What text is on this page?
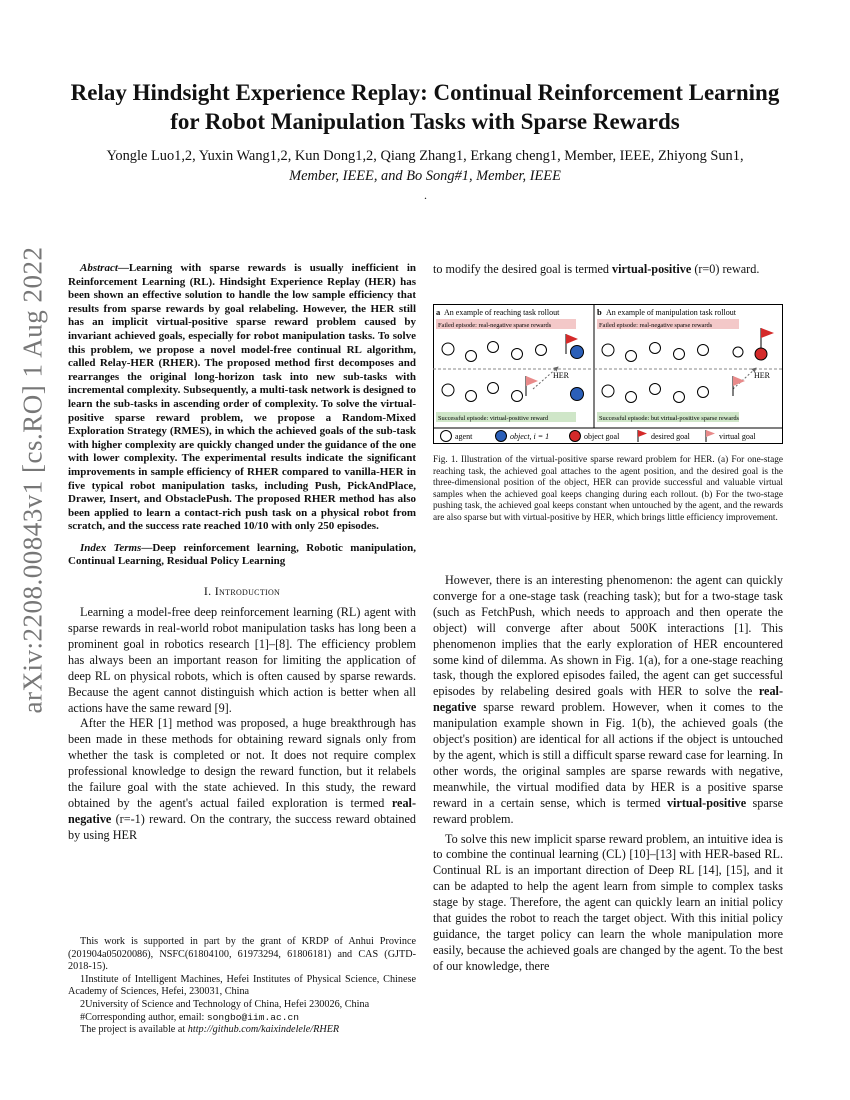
Relay Hindsight Experience Replay: Continual Reinforcement Learning for Robot Manipulation Tasks with Sparse Rewards
Yongle Luo1,2, Yuxin Wang1,2, Kun Dong1,2, Qiang Zhang1, Erkang cheng1, Member, IEEE, Zhiyong Sun1,
Member, IEEE, and Bo Song#1, Member, IEEE
.
arXiv:2208.00843v1 [cs.RO] 1 Aug 2022	Abstract—Learning with sparse rewards is usually inefficient in Reinforcement Learning (RL). Hindsight Experience Replay (HER) has been shown an effective solution to handle the low sample efficiency that results from sparse rewards by goal relabeling. However, the HER still has an implicit virtual-positive sparse reward problem caused by invariant achieved goals, especially for robot manipulation tasks. To solve this problem, we propose a novel model-free continual RL algorithm, called Relay-HER (RHER). The proposed method first decomposes and rearranges the original long-horizon task into new sub-tasks with incremental complexity. Subsequently, a multi-task network is designed to learn the sub-tasks in ascending order of complexity. To solve the virtual-positive sparse reward problem, we propose a Random-Mixed Exploration Strategy (RMES), in which the achieved goals of the sub-task with higher complexity are quickly changed under the guidance of the one with lower complexity. The experimental results indicate the significant improvements in sample efficiency of RHER compared to vanilla-HER in five typical robot manipulation tasks, including Push, PickAndPlace, Drawer, Insert, and ObstaclePush. The proposed RHER method has also been applied to learn a contact-rich push task on a physical robot from scratch, and the success rate reached 10/10 with only 250 episodes.

Index Terms—Deep reinforcement learning, Robotic manipulation, Continual Learning, Residual Policy Learning

I. Introduction

Learning a model-free deep reinforcement learning (RL) agent with sparse rewards in real-world robot manipulation tasks has long been a prominent goal in robotics research [1]–[8]. The efficiency problem has always been an important reason for limiting the application of deep RL on physical robots, which is often caused by sparse rewards. Because the agent cannot distinguish which action is better when all actions have the same reward [9].

After the HER [1] method was proposed, a huge breakthrough has been made in these methods for obtaining reward signals only from whether the task is completed or not. It does not require complex professional knowledge to design the reward function, but it relabels the failure goal with the state achieved. In this study, the reward obtained by the agent's actual failed exploration is termed real-negative (r=-1) reward. On the contrary, the success reward obtained by using HER

This work is supported in part by the grant of KRDP of Anhui Province (201904a05020086), NSFC(61804100, 61973294, 61806181) and CAS (GJTD-2018-15).

1Institute of Intelligent Machines, Hefei Institutes of Physical Science, Chinese Academy of Sciences, Hefei, 230031, China

2University of Science and Technology of China, Hefei 230026, China

#Corresponding author, email: songbo@iim.ac.cn

The project is available at http://github.com/kaixindelele/RHER

to modify the desired goal is termed virtual-positive (r=0) reward.

a An example of reaching task rollout
Failed episode: real-negative sparse rewards
HER
Successful episode: virtual-positive reward
b An example of manipulation task rollout
Failed episode: real-negative sparse rewards
HER
Successful episode: but virtual-positive sparse rewards
agent	object, i = 1	object goal	desired goal	virtual goal

Fig. 1. Illustration of the virtual-positive sparse reward problem for HER. (a) For one-stage reaching task, the achieved goal attaches to the agent position, and the desired goal is the three-dimensional position of the object, HER can provide successful and valuable virtual samples when the achieved goal keeps changing during each rollout. (b) For the two-stage pushing task, the achieved goal keeps constant when untouched by the agent, and the rewards are also sparse but with virtual-positive by HER, which brings little efficiency improvement.

However, there is an interesting phenomenon: the agent can quickly converge for a one-stage task (reaching task); but for a two-stage task (such as FetchPush, which needs to approach and then operate the object) will converge after about 500K interactions [1]. This phenomenon implies that the early exploration of HER encountered some kind of dilemma. As shown in Fig. 1(a), for a one-stage reaching task, though the explored episodes failed, the agent can get successful episodes by relabeling desired goals with HER to solve the real-negative sparse reward problem. However, when it comes to the manipulation example shown in Fig. 1(b), the achieved goals (the object's position) are identical for all actions if the object is untouched by the agent, which is still a difficult sparse reward case for learning. In other words, the original samples are sparse rewards with negative, meanwhile, the virtual modified data by HER is a positive sparse reward in a certain sense, which is termed virtual-positive sparse reward problem.

To solve this new implicit sparse reward problem, an intuitive idea is to combine the continual learning (CL) [10]–[13] with HER-based RL. Continual RL is an important direction of Deep RL [14], [15], and it can be adapted to help the agent learn from simple to complex tasks stage by stage. Therefore, the agent can quickly learn an initial policy that guides the robot to reach the target object. With this initial policy guidance, the target policy can learn the whole manipulation more easily, because the achieved goals are changed by the agent. To the best of our knowledge, there
